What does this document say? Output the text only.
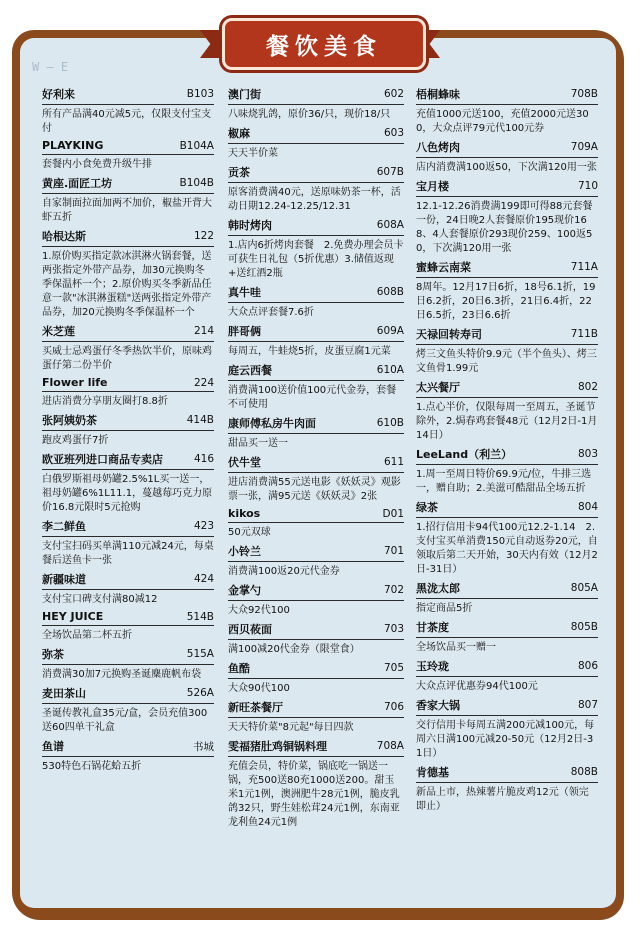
W — E
餐饮美食
好利来	B103
所有产品满40元减5元，仅限支付宝支付
PLAYKING	B104A
套餐内小食免费升级牛排
黄座.面匠工坊	B104B
自家制面拉面加两不加价，椒盐开背大虾五折
哈根达斯	122
1.原价购买指定款冰淇淋火锅套餐，送两张指定外带产品券，加30元换购冬季保温杯一个；2.原价购买冬季新品任意一款"冰淇淋蛋糕"送两张指定外带产品券，加20元换购冬季保温杯一个
米芝莲	214
买威士忌鸡蛋仔冬季热饮半价，原味鸡蛋仔第二份半价
Flower life	224
进店消费分享朋友圈打8.8折
张阿姨奶茶	414B
跑皮鸡蛋仔7折
欧亚班列进口商品专卖店	416
白俄罗斯祖母奶罐2.5%1L买一送一，祖母奶罐6%1L11.1，蔓越莓巧克力原价16.8元限时5元抢购
李二鲜鱼	423
支付宝扫码买单满110元减24元，每桌餐后送鱼卡一张
新疆味道	424
支付宝口碑支付满80减12
HEY JUICE	514B
全场饮品第二杯五折
弥茶	515A
消费满30加7元换购圣诞麋鹿帆布袋
麦田茶山	526A
圣诞传教礼盒35元/盒，会员充值300送60四单干礼盒
鱼谱	书城
530特色石锅花蛤五折
澳门街	602
八味烧乳鸽，原价36/只，现价18/只
椒麻	603
天天半价菜
贡茶	607B
原客消费满40元，送原味奶茶一杯，活动日期12.24-12.25/12.31
韩时烤肉	608A
1.店内6折烤肉套餐　2.免费办理会员卡可获生日礼包（5折优惠）3.储值返现+送红酒2瓶
真牛哇	608B
大众点评套餐7.6折
胖哥俩	609A
每周五，牛蛙烧5折，皮蛋豆腐1元菜
庭云西餐	610A
消费满100送价值100元代金券，套餐不可使用
康师傅私房牛肉面	610B
甜品买一送一
伏牛堂	611
进店消费满55元送电影《妖妖灵》观影票一张，满95元送《妖妖灵》2张
kikos	D01
50元双球
小铃兰	701
消费满100返20元代金券
金掌勺	702
大众92代100
西贝莜面	703
满100减20代金券（限堂食）
鱼酷	705
大众90代100
新旺茶餐厅	706
天天特价菜"8元起"每日四款
雯福猪肚鸡铜锅料理	708A
充值会员，特价菜，锅底吃一锅送一锅，充500送80充1000送200。甜玉米1元1例，澳洲肥牛28元1例，脆皮乳鸽32只，野生娃松茸24元1例，东南亚龙利鱼24元1例
梧桐蜂味	708B
充值1000元送100，充值2000元送300，大众点评79元代100元券
八色烤肉	709A
店内消费满100返50，下次满120用一张
宝月楼	710
12.1-12.26消费满199即可得88元套餐一份，24日晚2人套餐原价195现价168、4人套餐原价293现价259、100返50，下次满120用一张
蜜蜂云南菜	711A
8周年。12月17日6折，18号6.1折，19日6.2折，20日6.3折，21日6.4折，22日6.5折，23日6.6折
天禄回转寿司	711B
烤三文鱼头特价9.9元（半个鱼头）、烤三文鱼骨1.99元
太兴餐厅	802
1.点心半价，仅限每周一至周五，圣诞节除外，2.焗春鸡套餐48元（12月2日-1月14日）
LeeLand（利兰）	803
1.周一至周日特价69.9元/位，牛排三选一，赠自助；2.美滋可酷甜品全场五折
绿茶	804
1.招行信用卡94代100元12.2-1.14　2.支付宝买单消费150元自动返券20元，自领取后第二天开始，30天内有效（12月2日-31日）
黑泷太郎	805A
指定商品5折
甘茶度	805B
全场饮品买一赠一
玉玲珑	806
大众点评优惠券94代100元
香家大锅	807
交行信用卡每周五满200元减100元，每周六日满100元减20-50元（12月2日-31日）
肯德基	808B
新品上市，热辣薯片脆皮鸡12元（领完即止）
